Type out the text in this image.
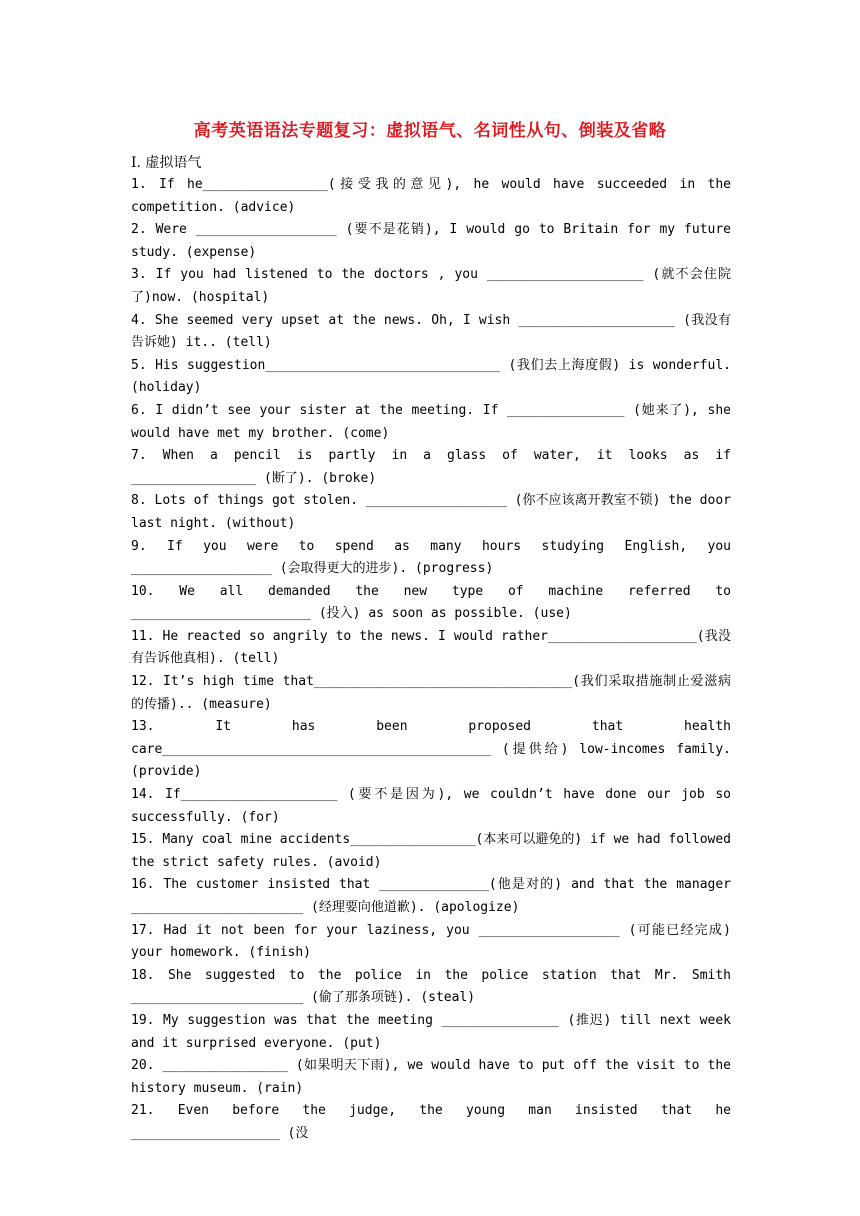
高考英语语法专题复习：虚拟语气、名词性从句、倒装及省略
Ⅰ. 虚拟语气
1. If he________________(接受我的意见), he would have succeeded in the competition. (advice)
2. Were __________________ (要不是花销), I would go to Britain for my future study. (expense)
3. If you had listened to the doctors , you ____________________ (就不会住院了)now. (hospital)
4. She seemed very upset at the news. Oh, I wish ____________________ (我没有告诉她) it.. (tell)
5. His suggestion______________________________ (我们去上海度假) is wonderful. (holiday)
6. I didn’t see your sister at the meeting. If _______________ (她来了), she would have met my brother. (come)
7. When a pencil is partly in a glass of water, it looks as if ________________ (断了). (broke)
8. Lots of things got stolen. __________________ (你不应该离开教室不锁) the door last night. (without)
9. If you were to spend as many hours studying English, you __________________ (会取得更大的进步). (progress)
10. We all demanded the new type of machine referred to _______________________ (投入) as soon as possible. (use)
11. He reacted so angrily to the news. I would rather___________________(我没有告诉他真相). (tell)
12. It’s high time that_________________________________(我们采取措施制止爱滋病的传播).. (measure)
13. It has been proposed that health care__________________________________________ (提供给) low-incomes family. (provide)
14. If____________________ (要不是因为), we couldn’t have done our job so successfully. (for)
15. Many coal mine accidents________________(本来可以避免的) if we had followed the strict safety rules. (avoid)
16. The customer insisted that ______________(他是对的) and that the manager ______________________ (经理要向他道歉). (apologize)
17. Had it not been for your laziness, you __________________ (可能已经完成) your homework. (finish)
18. She suggested to the police in the police station that Mr. Smith ______________________ (偷了那条项链). (steal)
19. My suggestion was that the meeting _______________ (推迟) till next week and it surprised everyone. (put)
20. ________________ (如果明天下雨), we would have to put off the visit to the history museum. (rain)
21. Even before the judge, the young man insisted that he ___________________ (没
